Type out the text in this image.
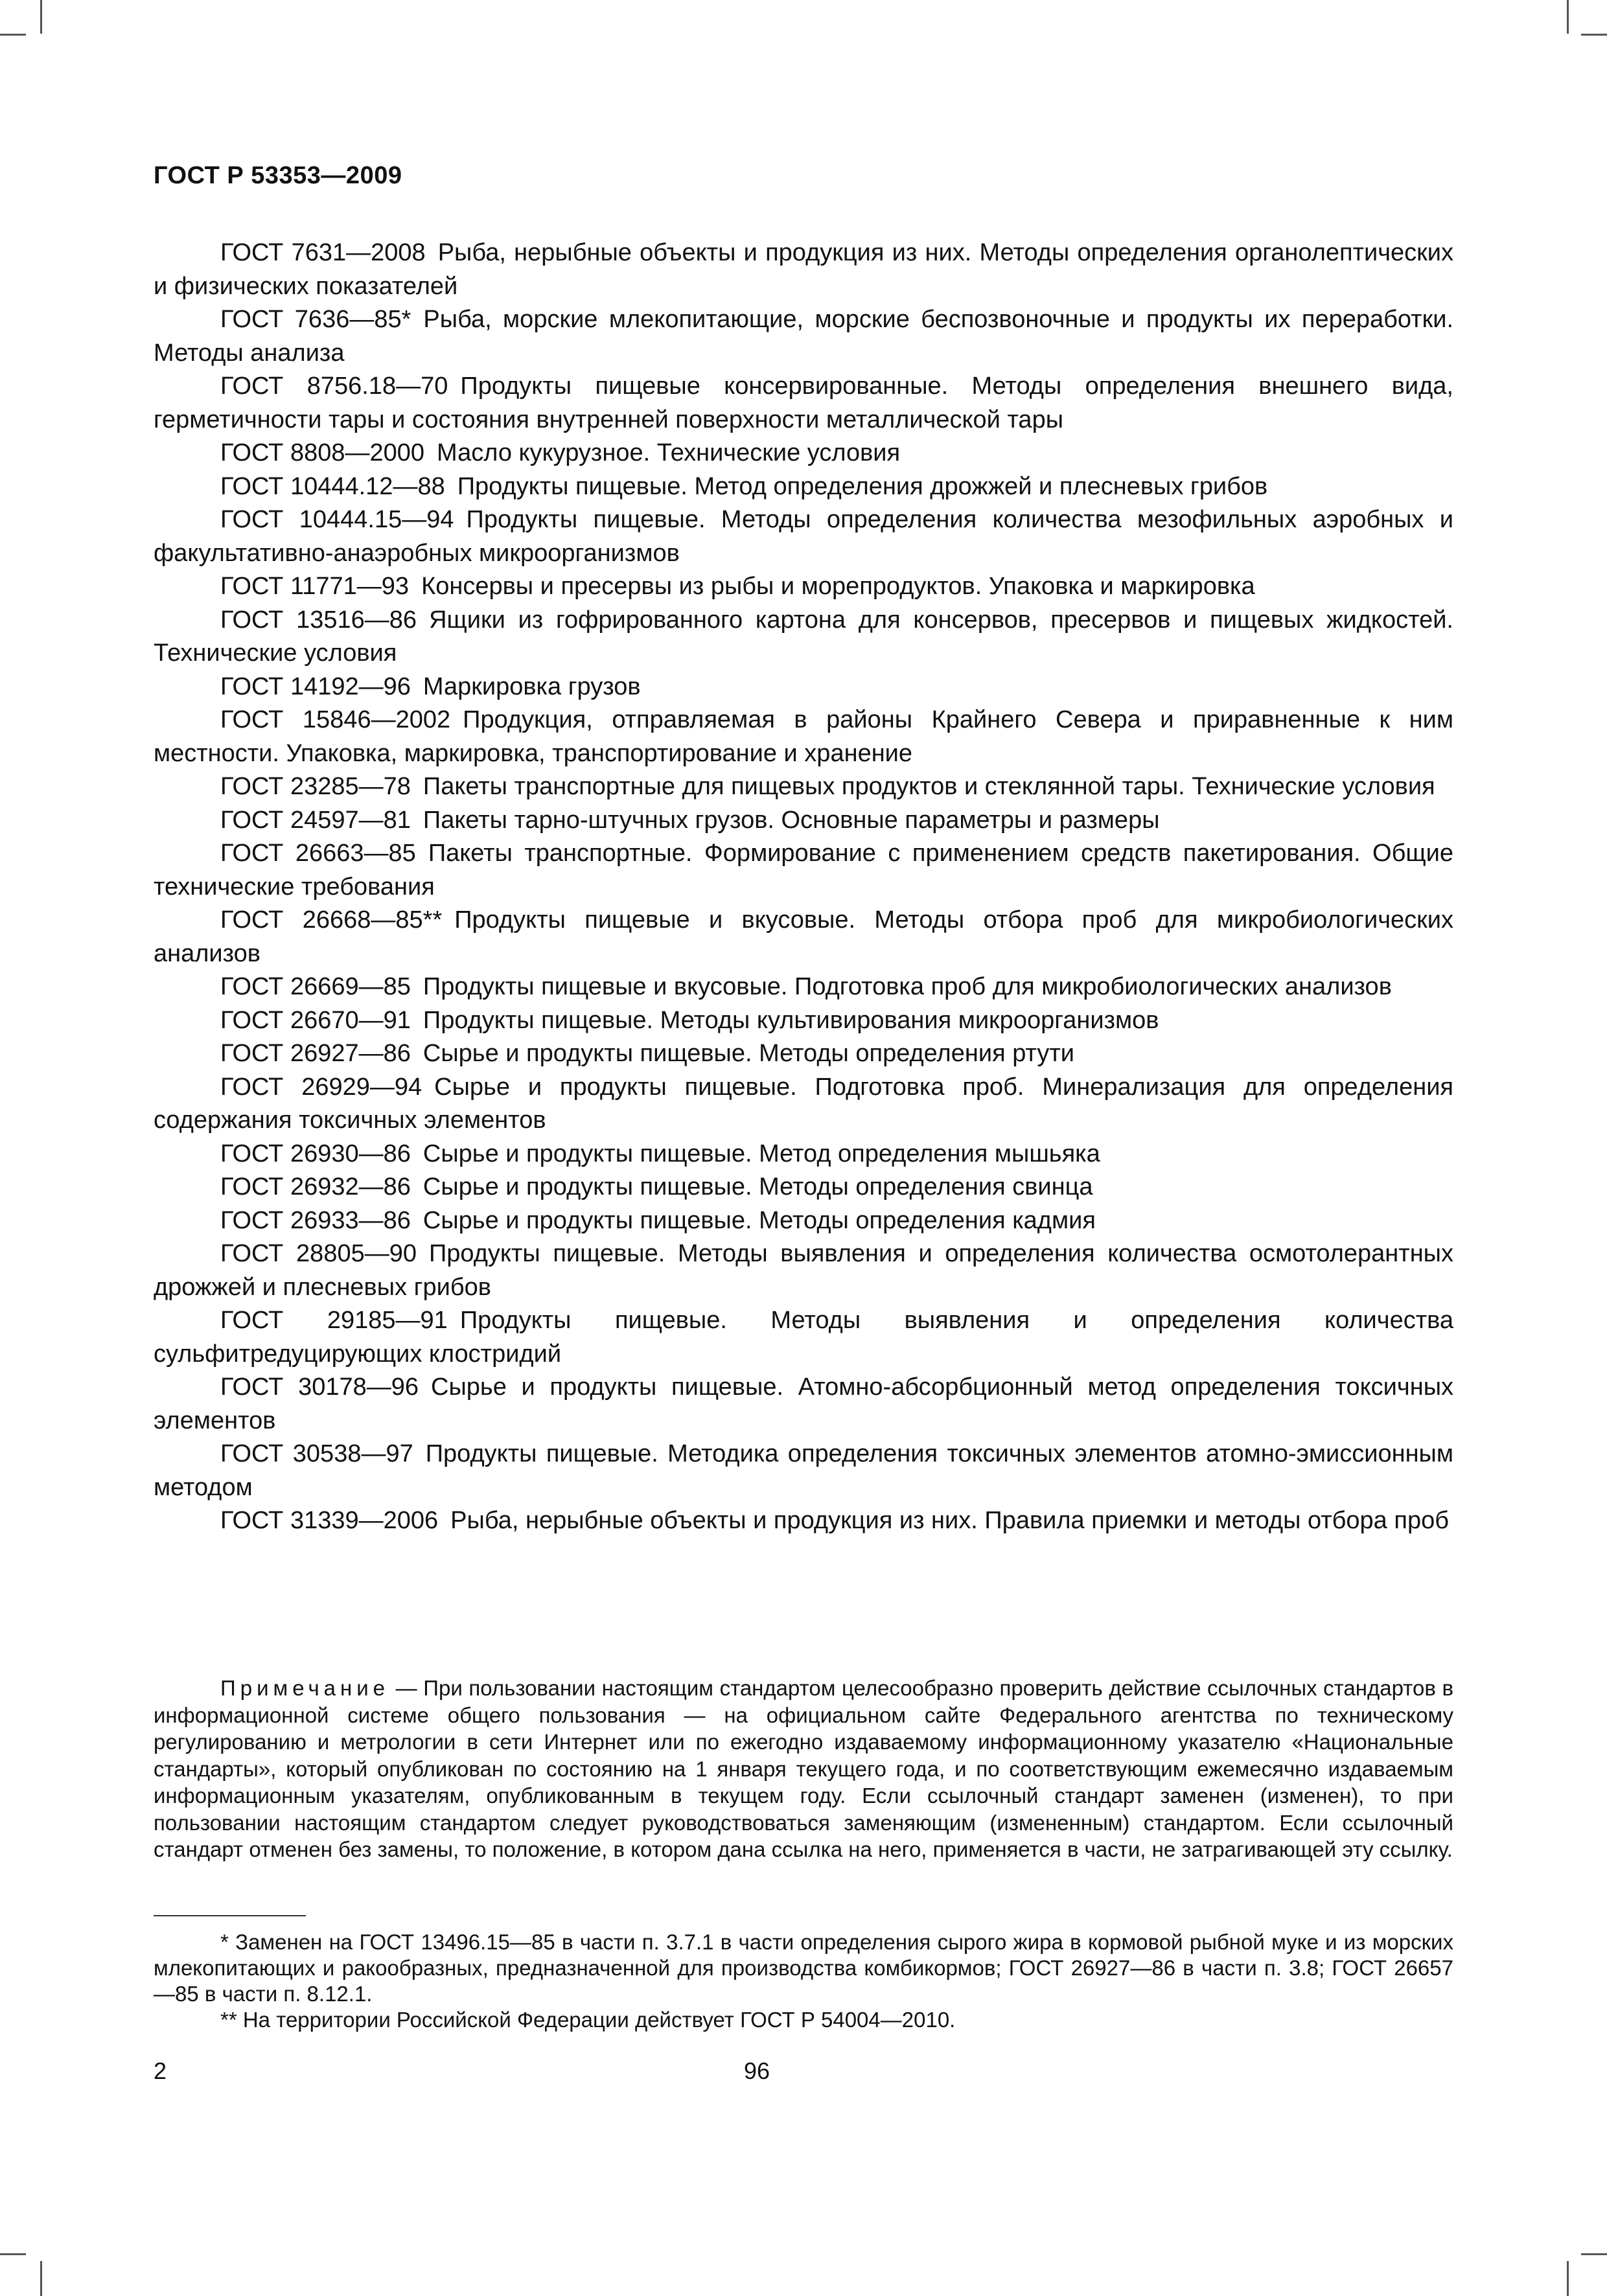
ГОСТ Р 53353—2009

ГОСТ 7631—2008  Рыба, нерыбные объекты и продукция из них. Методы определения органолептических и физических показателей

ГОСТ 7636—85*  Рыба, морские млекопитающие, морские беспозвоночные и продукты их переработки. Методы анализа

ГОСТ 8756.18—70  Продукты пищевые консервированные. Методы определения внешнего вида, герметичности тары и состояния внутренней поверхности металлической тары

ГОСТ 8808—2000  Масло кукурузное. Технические условия

ГОСТ 10444.12—88  Продукты пищевые. Метод определения дрожжей и плесневых грибов

ГОСТ 10444.15—94  Продукты пищевые. Методы определения количества мезофильных аэробных и факультативно-анаэробных микроорганизмов

ГОСТ 11771—93  Консервы и пресервы из рыбы и морепродуктов. Упаковка и маркировка

ГОСТ 13516—86  Ящики из гофрированного картона для консервов, пресервов и пищевых жидкостей. Технические условия

ГОСТ 14192—96  Маркировка грузов

ГОСТ 15846—2002  Продукция, отправляемая в районы Крайнего Севера и приравненные к ним местности. Упаковка, маркировка, транспортирование и хранение

ГОСТ 23285—78  Пакеты транспортные для пищевых продуктов и стеклянной тары. Технические условия

ГОСТ 24597—81  Пакеты тарно-штучных грузов. Основные параметры и размеры

ГОСТ 26663—85  Пакеты транспортные. Формирование с применением средств пакетирования. Общие технические требования

ГОСТ 26668—85**  Продукты пищевые и вкусовые. Методы отбора проб для микробиологических анализов

ГОСТ 26669—85  Продукты пищевые и вкусовые. Подготовка проб для микробиологических анализов

ГОСТ 26670—91  Продукты пищевые. Методы культивирования микроорганизмов

ГОСТ 26927—86  Сырье и продукты пищевые. Методы определения ртути

ГОСТ 26929—94  Сырье и продукты пищевые. Подготовка проб. Минерализация для определения содержания токсичных элементов

ГОСТ 26930—86  Сырье и продукты пищевые. Метод определения мышьяка

ГОСТ 26932—86  Сырье и продукты пищевые. Методы определения свинца

ГОСТ 26933—86  Сырье и продукты пищевые. Методы определения кадмия

ГОСТ 28805—90  Продукты пищевые. Методы выявления и определения количества осмотолерантных дрожжей и плесневых грибов

ГОСТ 29185—91  Продукты пищевые. Методы выявления и определения количества сульфитредуцирующих клостридий

ГОСТ 30178—96  Сырье и продукты пищевые. Атомно-абсорбционный метод определения токсичных элементов

ГОСТ 30538—97  Продукты пищевые. Методика определения токсичных элементов атомно-эмиссионным методом

ГОСТ 31339—2006  Рыба, нерыбные объекты и продукция из них. Правила приемки и методы отбора проб

Примечание — При пользовании настоящим стандартом целесообразно проверить действие ссылочных стандартов в информационной системе общего пользования — на официальном сайте Федерального агентства по техническому регулированию и метрологии в сети Интернет или по ежегодно издаваемому информационному указателю «Национальные стандарты», который опубликован по состоянию на 1 января текущего года, и по соответствующим ежемесячно издаваемым информационным указателям, опубликованным в текущем году. Если ссылочный стандарт заменен (изменен), то при пользовании настоящим стандартом следует руководствоваться заменяющим (измененным) стандартом. Если ссылочный стандарт отменен без замены, то положение, в котором дана ссылка на него, применяется в части, не затрагивающей эту ссылку.

* Заменен на ГОСТ 13496.15—85 в части п. 3.7.1 в части определения сырого жира в кормовой рыбной муке и из морских млекопитающих и ракообразных, предназначенной для производства комбикормов; ГОСТ 26927—86 в части п. 3.8; ГОСТ 26657—85 в части п. 8.12.1.

** На территории Российской Федерации действует ГОСТ Р 54004—2010.

2	96
